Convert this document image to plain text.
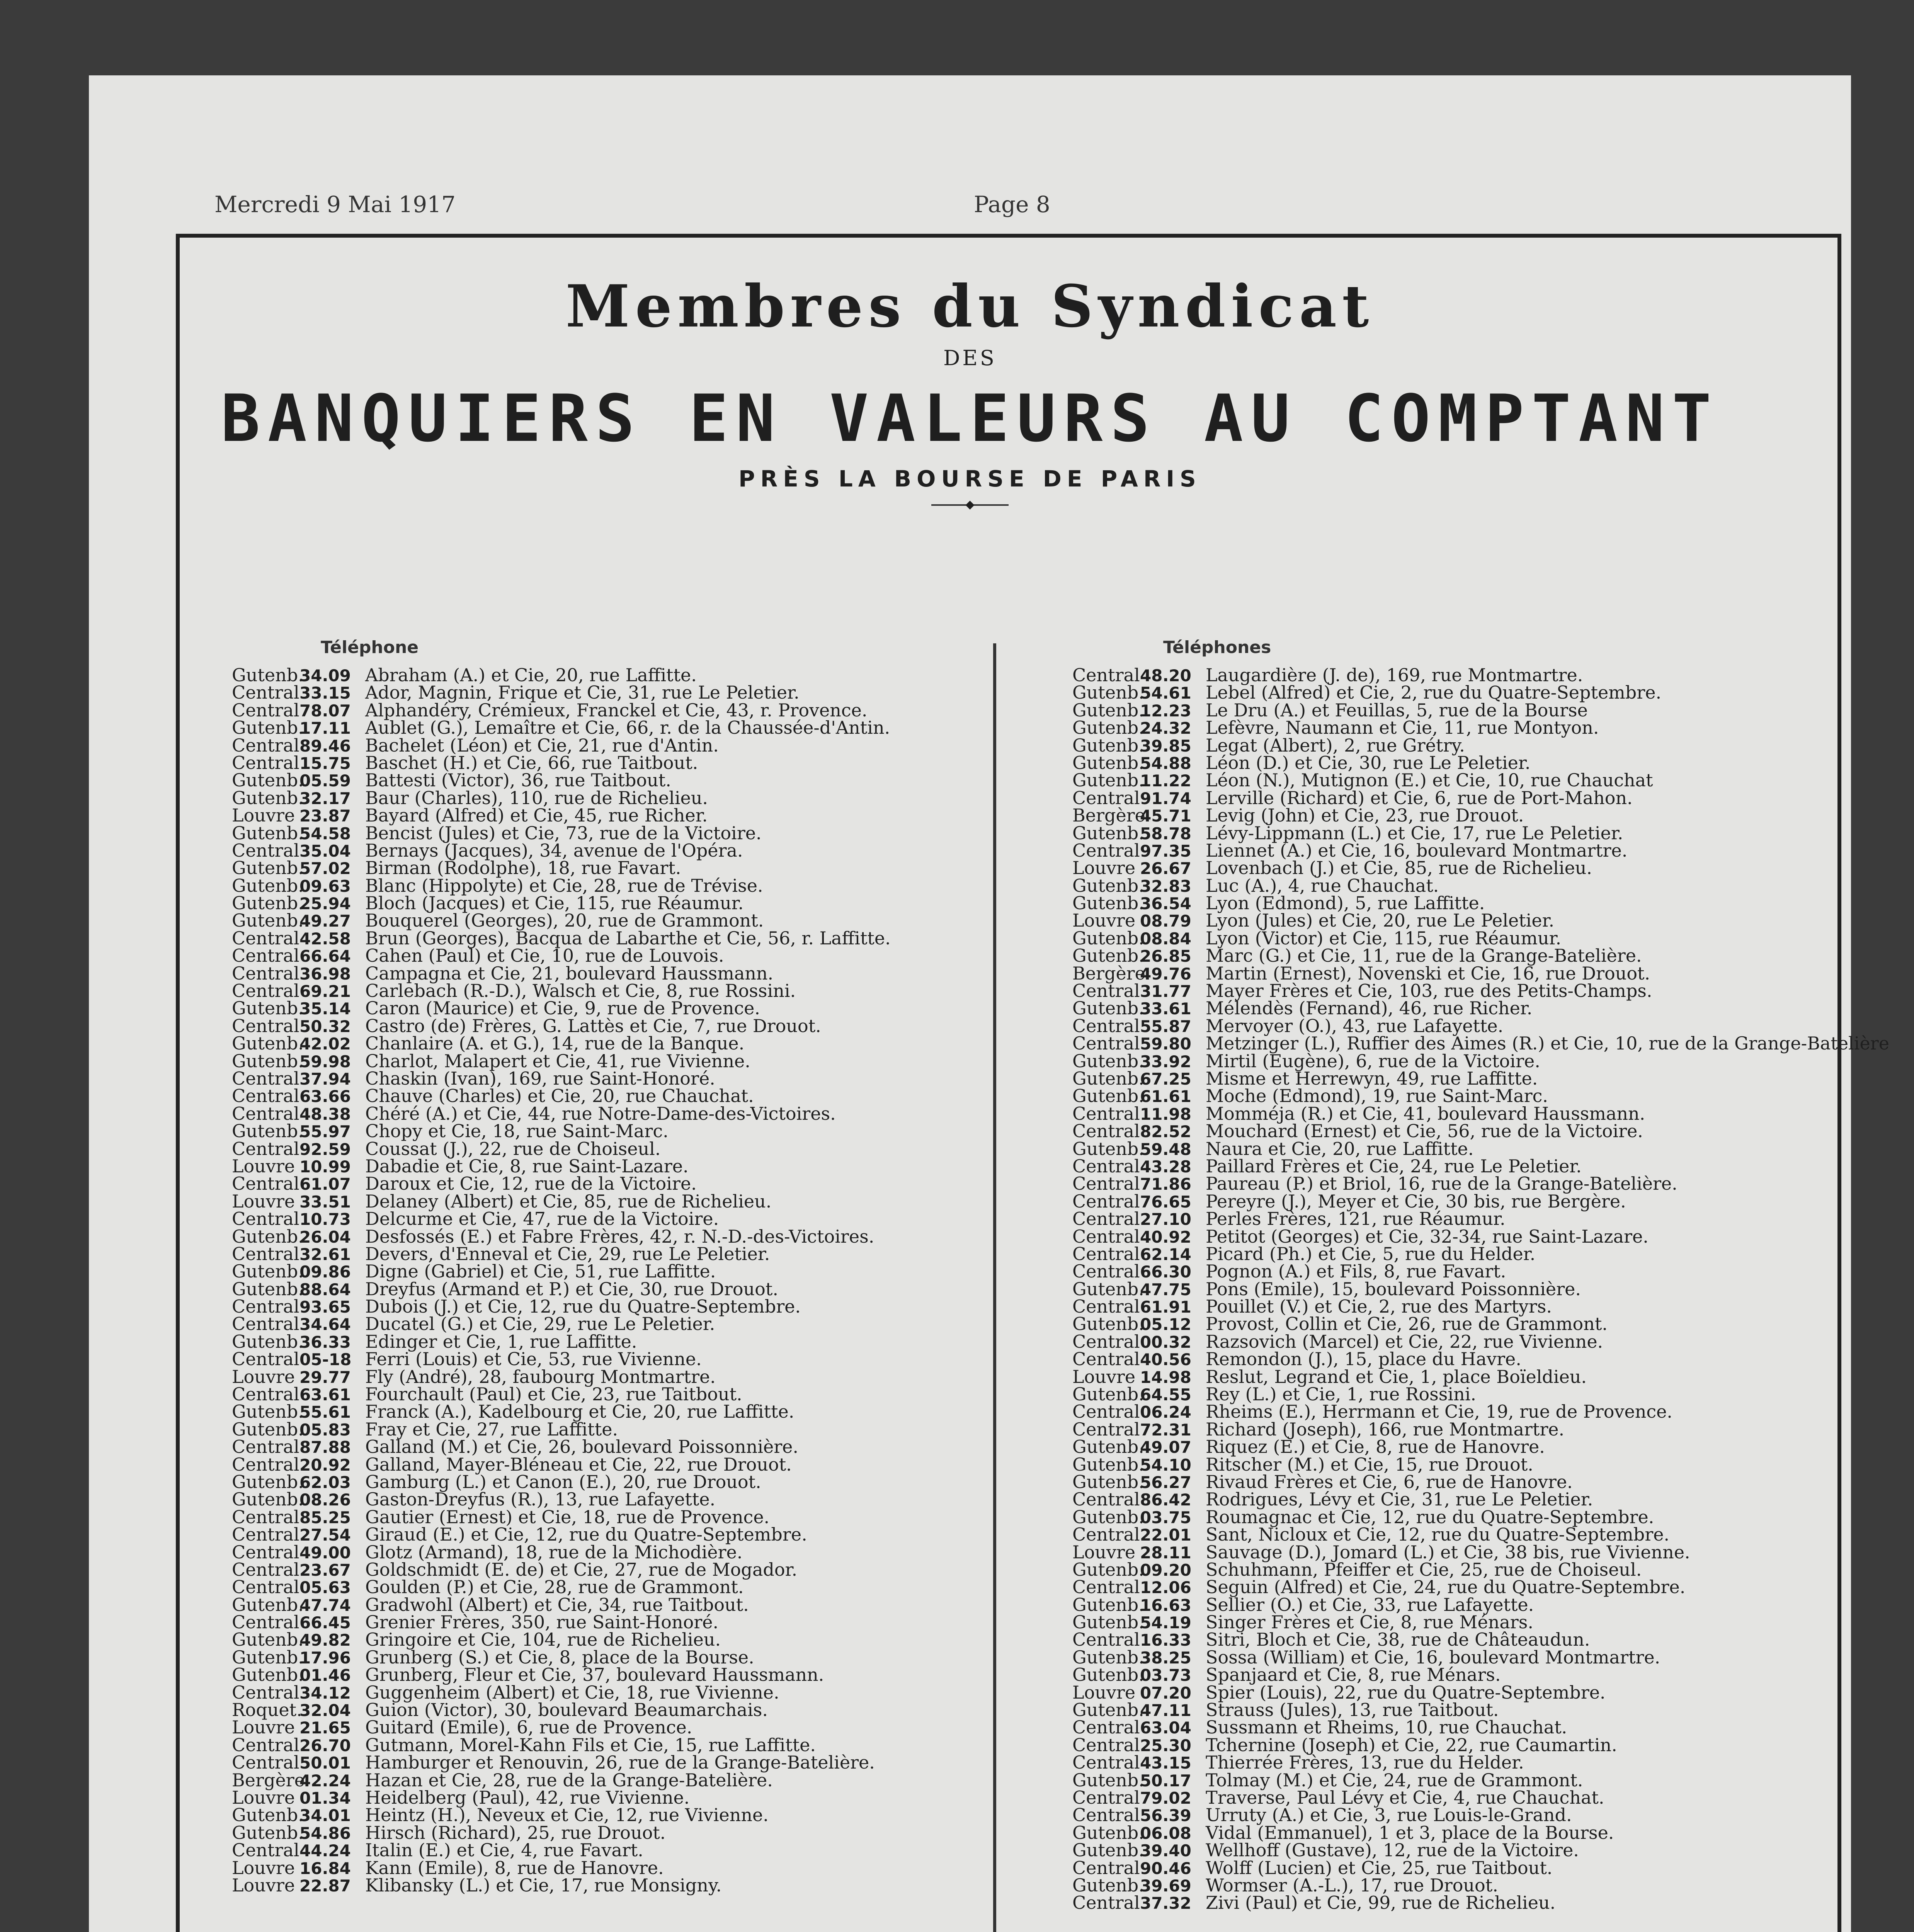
Mercredi 9 Mai 1917	Page 8
Membres du Syndicat
DES
BANQUIERS EN VALEURS AU COMPTANT
PRÈS LA BOURSE DE PARIS
◆
Téléphone	Téléphones
Gutenb.34.09 Abraham (A.) et Cie, 20, rue Laffitte.
Central33.15 Ador, Magnin, Frique et Cie, 31, rue Le Peletier.
Central78.07 Alphandéry, Crémieux, Franckel et Cie, 43, r. Provence.
Gutenb.17.11 Aublet (G.), Lemaître et Cie, 66, r. de la Chaussée-d'Antin.
Central89.46 Bachelet (Léon) et Cie, 21, rue d'Antin.
Central15.75 Baschet (H.) et Cie, 66, rue Taitbout.
Gutenb.05.59 Battesti (Victor), 36, rue Taitbout.
Gutenb.32.17 Baur (Charles), 110, rue de Richelieu.
Louvre 23.87 Bayard (Alfred) et Cie, 45, rue Richer.
Gutenb.54.58 Bencist (Jules) et Cie, 73, rue de la Victoire.
Central35.04 Bernays (Jacques), 34, avenue de l'Opéra.
Gutenb.57.02 Birman (Rodolphe), 18, rue Favart.
Gutenb.09.63 Blanc (Hippolyte) et Cie, 28, rue de Trévise.
Gutenb.25.94 Bloch (Jacques) et Cie, 115, rue Réaumur.
Gutenb.49.27 Bouquerel (Georges), 20, rue de Grammont.
Central42.58 Brun (Georges), Bacqua de Labarthe et Cie, 56, r. Laffitte.
Central66.64 Cahen (Paul) et Cie, 10, rue de Louvois.
Central36.98 Campagna et Cie, 21, boulevard Haussmann.
Central69.21 Carlebach (R.-D.), Walsch et Cie, 8, rue Rossini.
Gutenb.35.14 Caron (Maurice) et Cie, 9, rue de Provence.
Central50.32 Castro (de) Frères, G. Lattès et Cie, 7, rue Drouot.
Gutenb.42.02 Chanlaire (A. et G.), 14, rue de la Banque.
Gutenb.59.98 Charlot, Malapert et Cie, 41, rue Vivienne.
Central37.94 Chaskin (Ivan), 169, rue Saint-Honoré.
Central63.66 Chauve (Charles) et Cie, 20, rue Chauchat.
Central48.38 Chéré (A.) et Cie, 44, rue Notre-Dame-des-Victoires.
Gutenb.55.97 Chopy et Cie, 18, rue Saint-Marc.
Central92.59 Coussat (J.), 22, rue de Choiseul.
Louvre 10.99 Dabadie et Cie, 8, rue Saint-Lazare.
Central61.07 Daroux et Cie, 12, rue de la Victoire.
Louvre 33.51 Delaney (Albert) et Cie, 85, rue de Richelieu.
Central10.73 Delcurme et Cie, 47, rue de la Victoire.
Gutenb.26.04 Desfossés (E.) et Fabre Frères, 42, r. N.-D.-des-Victoires.
Central32.61 Devers, d'Enneval et Cie, 29, rue Le Peletier.
Gutenb.09.86 Digne (Gabriel) et Cie, 51, rue Laffitte.
Gutenb.88.64 Dreyfus (Armand et P.) et Cie, 30, rue Drouot.
Central93.65 Dubois (J.) et Cie, 12, rue du Quatre-Septembre.
Central34.64 Ducatel (G.) et Cie, 29, rue Le Peletier.
Gutenb.36.33 Edinger et Cie, 1, rue Laffitte.
Central05-18 Ferri (Louis) et Cie, 53, rue Vivienne.
Louvre 29.77 Fly (André), 28, faubourg Montmartre.
Central63.61 Fourchault (Paul) et Cie, 23, rue Taitbout.
Gutenb.55.61 Franck (A.), Kadelbourg et Cie, 20, rue Laffitte.
Gutenb.05.83 Fray et Cie, 27, rue Laffitte.
Central87.88 Galland (M.) et Cie, 26, boulevard Poissonnière.
Central20.92 Galland, Mayer-Bléneau et Cie, 22, rue Drouot.
Gutenb.62.03 Gamburg (L.) et Canon (E.), 20, rue Drouot.
Gutenb.08.26 Gaston-Dreyfus (R.), 13, rue Lafayette.
Central85.25 Gautier (Ernest) et Cie, 18, rue de Provence.
Central27.54 Giraud (E.) et Cie, 12, rue du Quatre-Septembre.
Central49.00 Glotz (Armand), 18, rue de la Michodière.
Central23.67 Goldschmidt (E. de) et Cie, 27, rue de Mogador.
Central05.63 Goulden (P.) et Cie, 28, rue de Grammont.
Gutenb.47.74 Gradwohl (Albert) et Cie, 34, rue Taitbout.
Central66.45 Grenier Frères, 350, rue Saint-Honoré.
Gutenb.49.82 Gringoire et Cie, 104, rue de Richelieu.
Gutenb.17.96 Grunberg (S.) et Cie, 8, place de la Bourse.
Gutenb.01.46 Grunberg, Fleur et Cie, 37, boulevard Haussmann.
Central34.12 Guggenheim (Albert) et Cie, 18, rue Vivienne.
Roquet.32.04 Guion (Victor), 30, boulevard Beaumarchais.
Louvre 21.65 Guitard (Emile), 6, rue de Provence.
Central26.70 Gutmann, Morel-Kahn Fils et Cie, 15, rue Laffitte.
Central50.01 Hamburger et Renouvin, 26, rue de la Grange-Batelière.
Bergère42.24 Hazan et Cie, 28, rue de la Grange-Batelière.
Louvre 01.34 Heidelberg (Paul), 42, rue Vivienne.
Gutenb.34.01 Heintz (H.), Neveux et Cie, 12, rue Vivienne.
Gutenb.54.86 Hirsch (Richard), 25, rue Drouot.
Central44.24 Italin (E.) et Cie, 4, rue Favart.
Louvre 16.84 Kann (Emile), 8, rue de Hanovre.
Louvre 22.87 Klibansky (L.) et Cie, 17, rue Monsigny.
Central48.20 Laugardière (J. de), 169, rue Montmartre.
Gutenb.54.61 Lebel (Alfred) et Cie, 2, rue du Quatre-Septembre.
Gutenb.12.23 Le Dru (A.) et Feuillas, 5, rue de la Bourse
Gutenb.24.32 Lefèvre, Naumann et Cie, 11, rue Montyon.
Gutenb.39.85 Legat (Albert), 2, rue Grétry.
Gutenb.54.88 Léon (D.) et Cie, 30, rue Le Peletier.
Gutenb.11.22 Léon (N.), Mutignon (E.) et Cie, 10, rue Chauchat
Central91.74 Lerville (Richard) et Cie, 6, rue de Port-Mahon.
Bergère45.71 Levig (John) et Cie, 23, rue Drouot.
Gutenb.58.78 Lévy-Lippmann (L.) et Cie, 17, rue Le Peletier.
Central97.35 Liennet (A.) et Cie, 16, boulevard Montmartre.
Louvre 26.67 Lovenbach (J.) et Cie, 85, rue de Richelieu.
Gutenb.32.83 Luc (A.), 4, rue Chauchat.
Gutenb.36.54 Lyon (Edmond), 5, rue Laffitte.
Louvre 08.79 Lyon (Jules) et Cie, 20, rue Le Peletier.
Gutenb.08.84 Lyon (Victor) et Cie, 115, rue Réaumur.
Gutenb.26.85 Marc (G.) et Cie, 11, rue de la Grange-Batelière.
Bergère49.76 Martin (Ernest), Novenski et Cie, 16, rue Drouot.
Central31.77 Mayer Frères et Cie, 103, rue des Petits-Champs.
Gutenb.33.61 Mélendès (Fernand), 46, rue Richer.
Central55.87 Mervoyer (O.), 43, rue Lafayette.
Central59.80 Metzinger (L.), Ruffier des Aimes (R.) et Cie, 10, rue de la Grange-Batelière
Gutenb.33.92 Mirtil (Eugène), 6, rue de la Victoire.
Gutenb.67.25 Misme et Herrewyn, 49, rue Laffitte.
Gutenb.61.61 Moche (Edmond), 19, rue Saint-Marc.
Central11.98 Momméja (R.) et Cie, 41, boulevard Haussmann.
Central82.52 Mouchard (Ernest) et Cie, 56, rue de la Victoire.
Gutenb.59.48 Naura et Cie, 20, rue Laffitte.
Central43.28 Paillard Frères et Cie, 24, rue Le Peletier.
Central71.86 Paureau (P.) et Briol, 16, rue de la Grange-Batelière.
Central76.65 Pereyre (J.), Meyer et Cie, 30 bis, rue Bergère.
Central27.10 Perles Frères, 121, rue Réaumur.
Central40.92 Petitot (Georges) et Cie, 32-34, rue Saint-Lazare.
Central62.14 Picard (Ph.) et Cie, 5, rue du Helder.
Central66.30 Pognon (A.) et Fils, 8, rue Favart.
Gutenb.47.75 Pons (Emile), 15, boulevard Poissonnière.
Central61.91 Pouillet (V.) et Cie, 2, rue des Martyrs.
Gutenb.05.12 Provost, Collin et Cie, 26, rue de Grammont.
Central00.32 Razsovich (Marcel) et Cie, 22, rue Vivienne.
Central40.56 Remondon (J.), 15, place du Havre.
Louvre 14.98 Reslut, Legrand et Cie, 1, place Boïeldieu.
Gutenb.64.55 Rey (L.) et Cie, 1, rue Rossini.
Central06.24 Rheims (E.), Herrmann et Cie, 19, rue de Provence.
Central72.31 Richard (Joseph), 166, rue Montmartre.
Gutenb.49.07 Riquez (E.) et Cie, 8, rue de Hanovre.
Gutenb.54.10 Ritscher (M.) et Cie, 15, rue Drouot.
Gutenb.56.27 Rivaud Frères et Cie, 6, rue de Hanovre.
Central86.42 Rodrigues, Lévy et Cie, 31, rue Le Peletier.
Gutenb.03.75 Roumagnac et Cie, 12, rue du Quatre-Septembre.
Central22.01 Sant, Nicloux et Cie, 12, rue du Quatre-Septembre.
Louvre 28.11 Sauvage (D.), Jomard (L.) et Cie, 38 bis, rue Vivienne.
Gutenb.09.20 Schuhmann, Pfeiffer et Cie, 25, rue de Choiseul.
Central12.06 Seguin (Alfred) et Cie, 24, rue du Quatre-Septembre.
Gutenb.16.63 Sellier (O.) et Cie, 33, rue Lafayette.
Gutenb.54.19 Singer Frères et Cie, 8, rue Ménars.
Central16.33 Sitri, Bloch et Cie, 38, rue de Châteaudun.
Gutenb.38.25 Sossa (William) et Cie, 16, boulevard Montmartre.
Gutenb.03.73 Spanjaard et Cie, 8, rue Ménars.
Louvre 07.20 Spier (Louis), 22, rue du Quatre-Septembre.
Gutenb.47.11 Strauss (Jules), 13, rue Taitbout.
Central63.04 Sussmann et Rheims, 10, rue Chauchat.
Central25.30 Tchernine (Joseph) et Cie, 22, rue Caumartin.
Central43.15 Thierrée Frères, 13, rue du Helder.
Gutenb.50.17 Tolmay (M.) et Cie, 24, rue de Grammont.
Central79.02 Traverse, Paul Lévy et Cie, 4, rue Chauchat.
Central56.39 Urruty (A.) et Cie, 3, rue Louis-le-Grand.
Gutenb.06.08 Vidal (Emmanuel), 1 et 3, place de la Bourse.
Gutenb.39.40 Wellhoff (Gustave), 12, rue de la Victoire.
Central90.46 Wolff (Lucien) et Cie, 25, rue Taitbout.
Gutenb.39.69 Wormser (A.-L.), 17, rue Drouot.
Central37.32 Zivi (Paul) et Cie, 99, rue de Richelieu.
